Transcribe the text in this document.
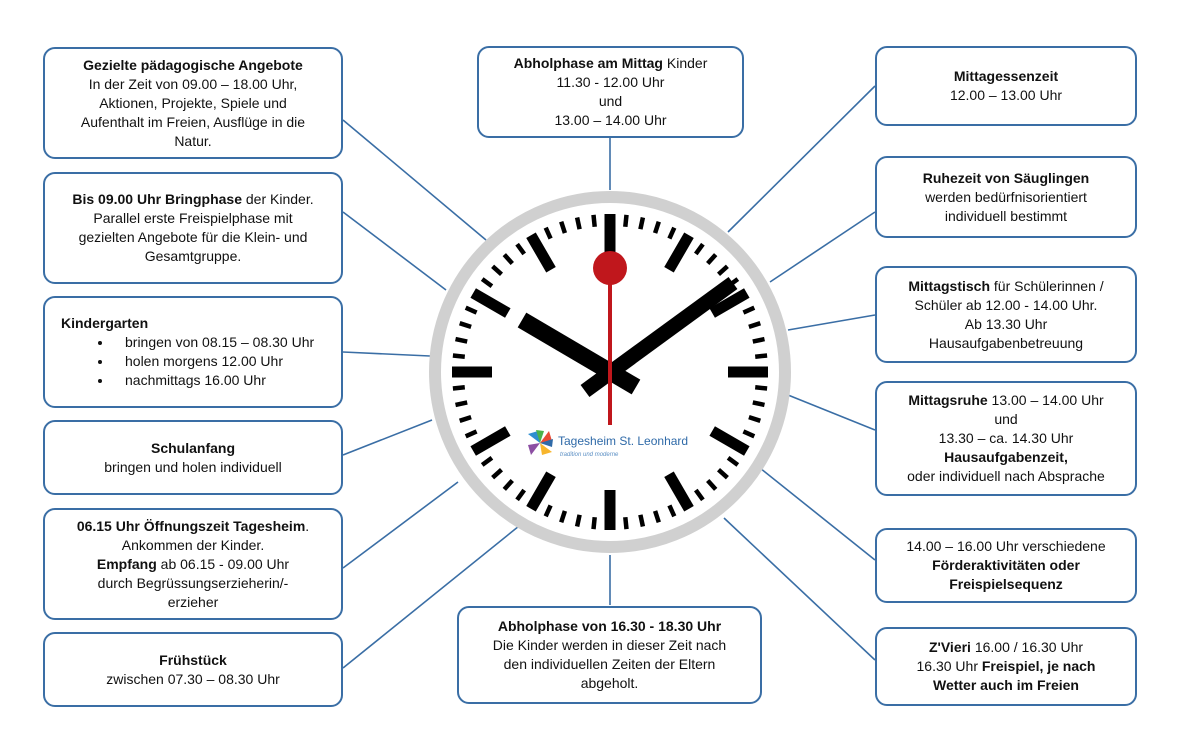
Tagesheim St. Leonhard
tradition und moderne
Gezielte pädagogische Angebote
In der Zeit von 09.00 – 18.00 Uhr,
Aktionen, Projekte, Spiele und
Aufenthalt im Freien, Ausflüge in die
Natur.
Bis 09.00 Uhr Bringphase der Kinder.
Parallel erste Freispielphase mit
gezielten Angebote für die Klein- und
Gesamtgruppe.
Kindergarten
• bringen von 08.15 – 08.30 Uhr
• holen morgens 12.00 Uhr
• nachmittags 16.00 Uhr
Schulanfang
bringen und holen individuell
06.15 Uhr Öffnungszeit Tagesheim.
Ankommen der Kinder.
Empfang ab 06.15 - 09.00 Uhr
durch Begrüssungserzieherin/-
erzieher
Frühstück
zwischen 07.30 – 08.30 Uhr
Abholphase am Mittag Kinder
11.30 - 12.00 Uhr
und
13.00 – 14.00 Uhr
Abholphase von 16.30 - 18.30 Uhr
Die Kinder werden in dieser Zeit nach
den individuellen Zeiten der Eltern
abgeholt.
Mittagessenzeit
12.00 – 13.00 Uhr
Ruhezeit von Säuglingen
werden bedürfnisorientiert
individuell bestimmt
Mittagstisch für Schülerinnen /
Schüler ab 12.00 - 14.00 Uhr.
Ab 13.30 Uhr
Hausaufgabenbetreuung
Mittagsruhe 13.00 – 14.00 Uhr
und
13.30 – ca. 14.30 Uhr
Hausaufgabenzeit,
oder individuell nach Absprache
14.00 – 16.00 Uhr verschiedene
Förderaktivitäten oder
Freispielsequenz
Z'Vieri 16.00 / 16.30 Uhr
16.30 Uhr Freispiel, je nach
Wetter auch im Freien
